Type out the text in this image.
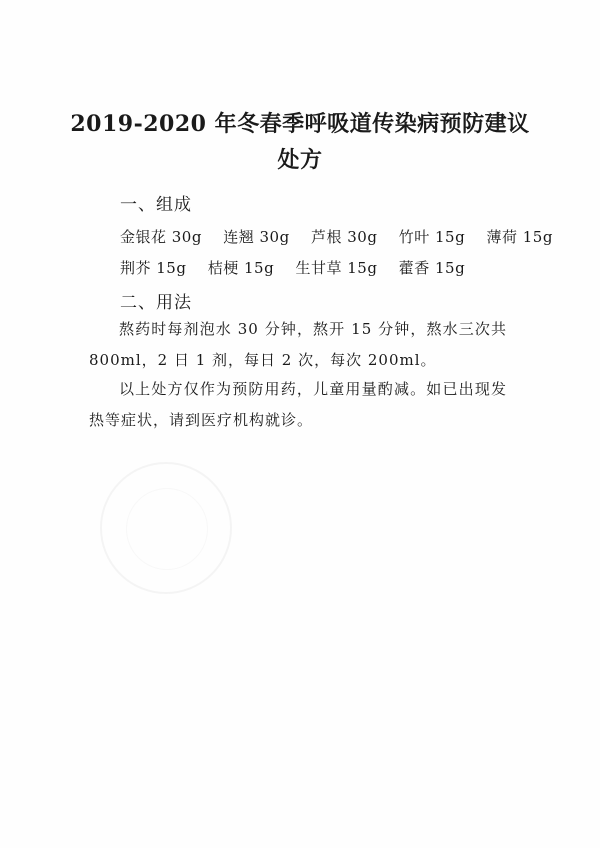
2019-2020 年冬春季呼吸道传染病预防建议
处方
一、组成
金银花 30g 连翘 30g 芦根 30g 竹叶 15g 薄荷 15g
荆芥 15g 桔梗 15g 生甘草 15g 藿香 15g
二、用法
熬药时每剂泡水 30 分钟，熬开 15 分钟，熬水三次共 800ml，2 日 1 剂，每日 2 次，每次 200ml。
以上处方仅作为预防用药，儿童用量酌减。如已出现发热等症状，请到医疗机构就诊。
